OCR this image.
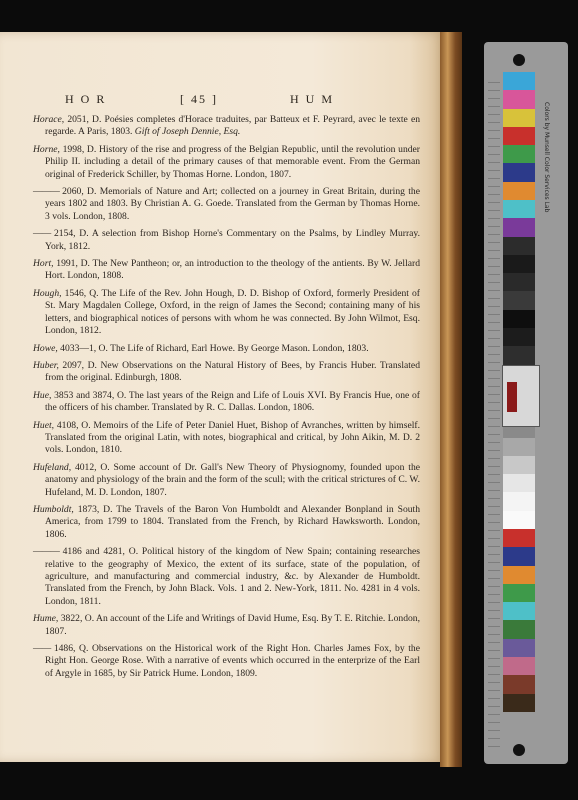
H O R	[ 45 ]	H U M

Horace, 2051, D. Poésies completes d'Horace traduites, par Batteux et F. Peyrard, avec le texte en regarde. A Paris, 1803. Gift of Joseph Dennie, Esq.

Horne, 1998, D. History of the rise and progress of the Belgian Republic, until the revolution under Philip II. including a detail of the primary causes of that memorable event. From the German original of Frederick Schiller, by Thomas Horne. London, 1807.

——— 2060, D. Memorials of Nature and Art; collected on a journey in Great Britain, during the years 1802 and 1803. By Christian A. G. Goede. Translated from the German by Thomas Horne. 3 vols. London, 1808.

—— 2154, D. A selection from Bishop Horne's Commentary on the Psalms, by Lindley Murray. York, 1812.

Hort, 1991, D. The New Pantheon; or, an introduction to the theology of the antients. By W. Jellard Hort. London, 1808.

Hough, 1546, Q. The Life of the Rev. John Hough, D. D. Bishop of Oxford, formerly President of St. Mary Magdalen College, Oxford, in the reign of James the Second; containing many of his letters, and biographical notices of persons with whom he was connected. By John Wilmot, Esq. London, 1812.

Howe, 4033—1, O. The Life of Richard, Earl Howe. By George Mason. London, 1803.

Huber, 2097, D. New Observations on the Natural History of Bees, by Francis Huber. Translated from the original. Edinburgh, 1808.

Hue, 3853 and 3874, O. The last years of the Reign and Life of Louis XVI. By Francis Hue, one of the officers of his chamber. Translated by R. C. Dallas. London, 1806.

Huet, 4108, O. Memoirs of the Life of Peter Daniel Huet, Bishop of Avranches, written by himself. Translated from the original Latin, with notes, biographical and critical, by John Aikin, M. D. 2 vols. London, 1810.

Hufeland, 4012, O. Some account of Dr. Gall's New Theory of Physiognomy, founded upon the anatomy and physiology of the brain and the form of the scull; with the critical strictures of C. W. Hufeland, M. D. London, 1807.

Humboldt, 1873, D. The Travels of the Baron Von Humboldt and Alexander Bonpland in South America, from 1799 to 1804. Translated from the French, by Richard Hawksworth. London, 1806.

——— 4186 and 4281, O. Political history of the kingdom of New Spain; containing researches relative to the geography of Mexico, the extent of its surface, state of the population, of agriculture, and manufacturing and commercial industry, &c. by Alexander de Humboldt. Translated from the French, by John Black. Vols. 1 and 2. New-York, 1811. No. 4281 in 4 vols. London, 1811.

Hume, 3822, O. An account of the Life and Writings of David Hume, Esq. By T. E. Ritchie. London, 1807.

—— 1486, Q. Observations on the Historical work of the Right Hon. Charles James Fox, by the Right Hon. George Rose. With a narrative of events which occurred in the enterprize of the Earl of Argyle in 1685, by Sir Patrick Hume. London, 1809.

Colors by Munsell Color Services Lab
